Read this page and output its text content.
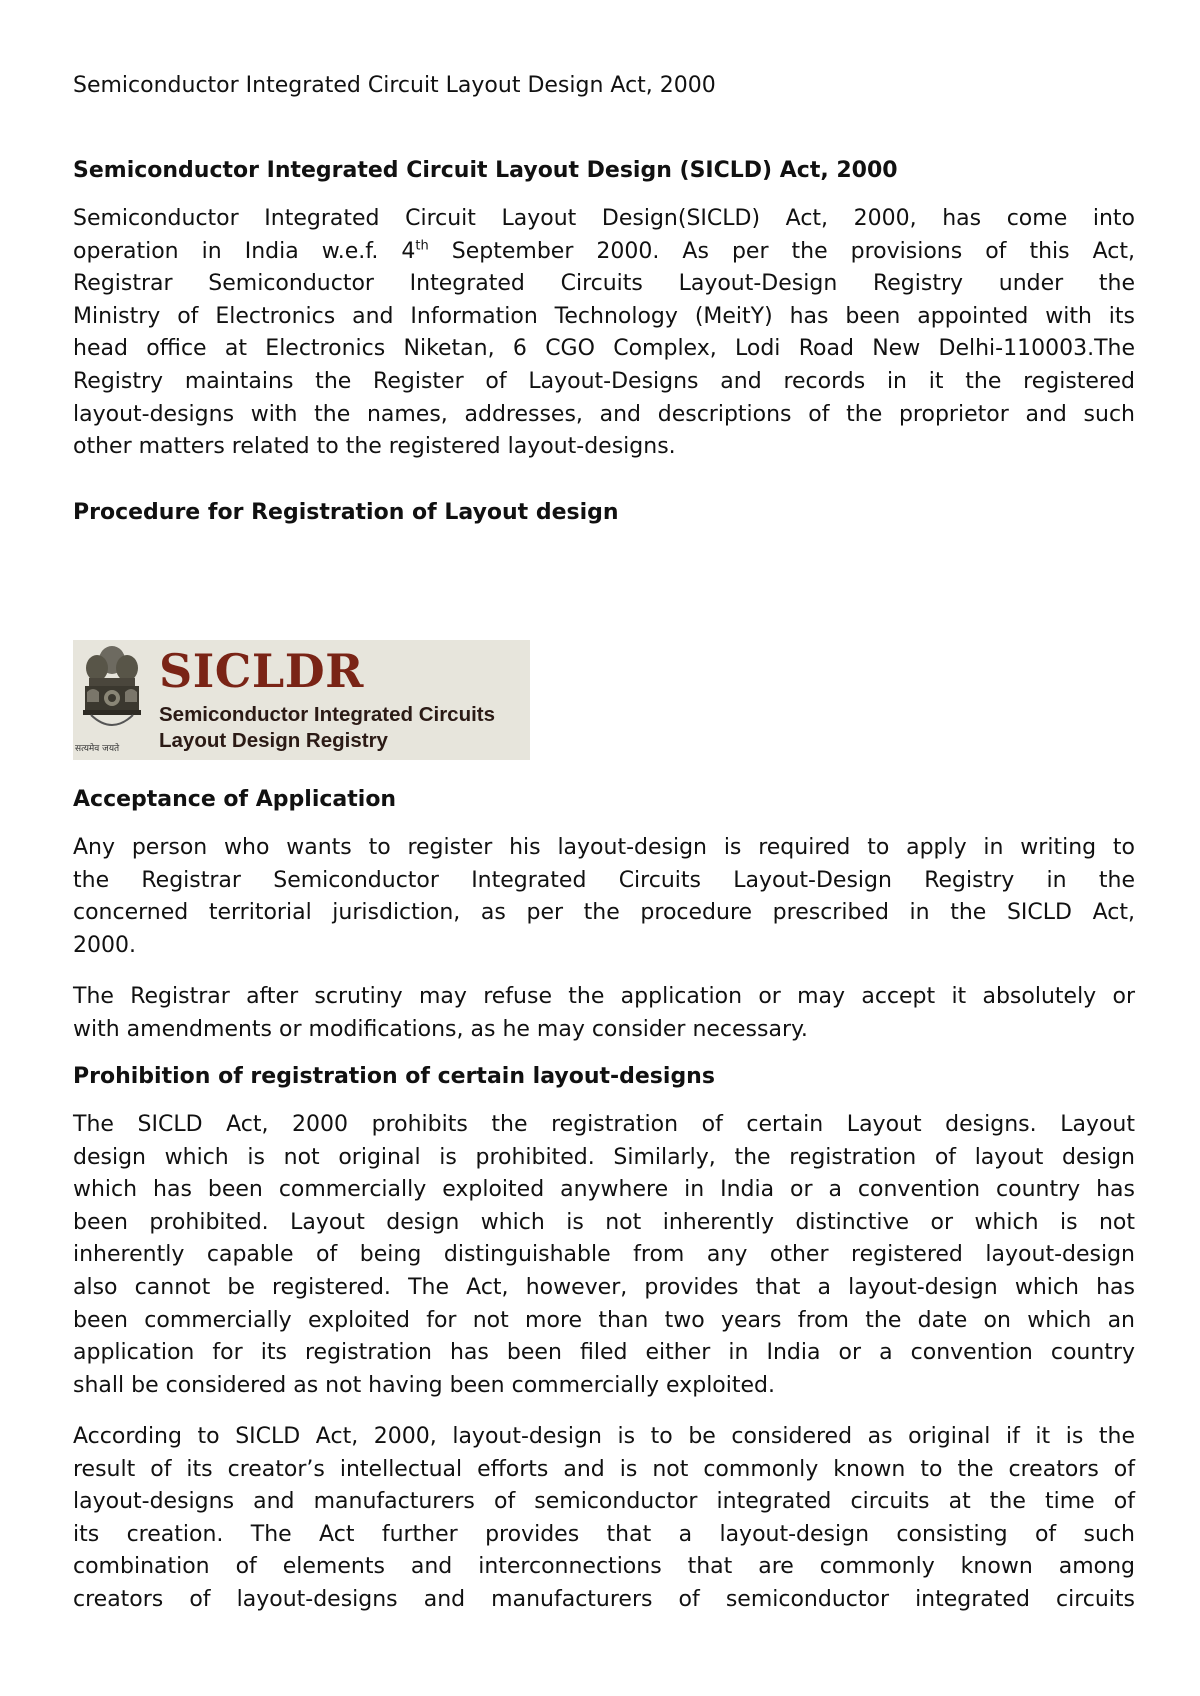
Semiconductor Integrated Circuit Layout Design Act, 2000
Semiconductor Integrated Circuit Layout Design (SICLD) Act, 2000

Semiconductor Integrated Circuit Layout Design(SICLD) Act, 2000, has come into
operation in India w.e.f. 4th September 2000. As per the provisions of this Act,
Registrar Semiconductor Integrated Circuits Layout-Design Registry under the
Ministry of Electronics and Information Technology (MeitY) has been appointed with its
head office at Electronics Niketan, 6 CGO Complex, Lodi Road New Delhi-110003.The
Registry maintains the Register of Layout-Designs and records in it the registered
layout-designs with the names, addresses, and descriptions of the proprietor and such
other matters related to the registered layout-designs.

Procedure for Registration of Layout design
सत्यमेव जयते
SICLDR
Semiconductor Integrated Circuits
Layout Design Registry
Acceptance of Application

Any person who wants to register his layout-design is required to apply in writing to
the Registrar Semiconductor Integrated Circuits Layout-Design Registry in the
concerned territorial jurisdiction, as per the procedure prescribed in the SICLD Act,
2000.

The Registrar after scrutiny may refuse the application or may accept it absolutely or
with amendments or modifications, as he may consider necessary.

Prohibition of registration of certain layout-designs

The SICLD Act, 2000 prohibits the registration of certain Layout designs. Layout
design which is not original is prohibited. Similarly, the registration of layout design
which has been commercially exploited anywhere in India or a convention country has
been prohibited. Layout design which is not inherently distinctive or which is not
inherently capable of being distinguishable from any other registered layout-design
also cannot be registered. The Act, however, provides that a layout-design which has
been commercially exploited for not more than two years from the date on which an
application for its registration has been filed either in India or a convention country
shall be considered as not having been commercially exploited.

According to SICLD Act, 2000, layout-design is to be considered as original if it is the
result of its creator’s intellectual efforts and is not commonly known to the creators of
layout-designs and manufacturers of semiconductor integrated circuits at the time of
its creation. The Act further provides that a layout-design consisting of such
combination of elements and interconnections that are commonly known among
creators of layout-designs and manufacturers of semiconductor integrated circuits
